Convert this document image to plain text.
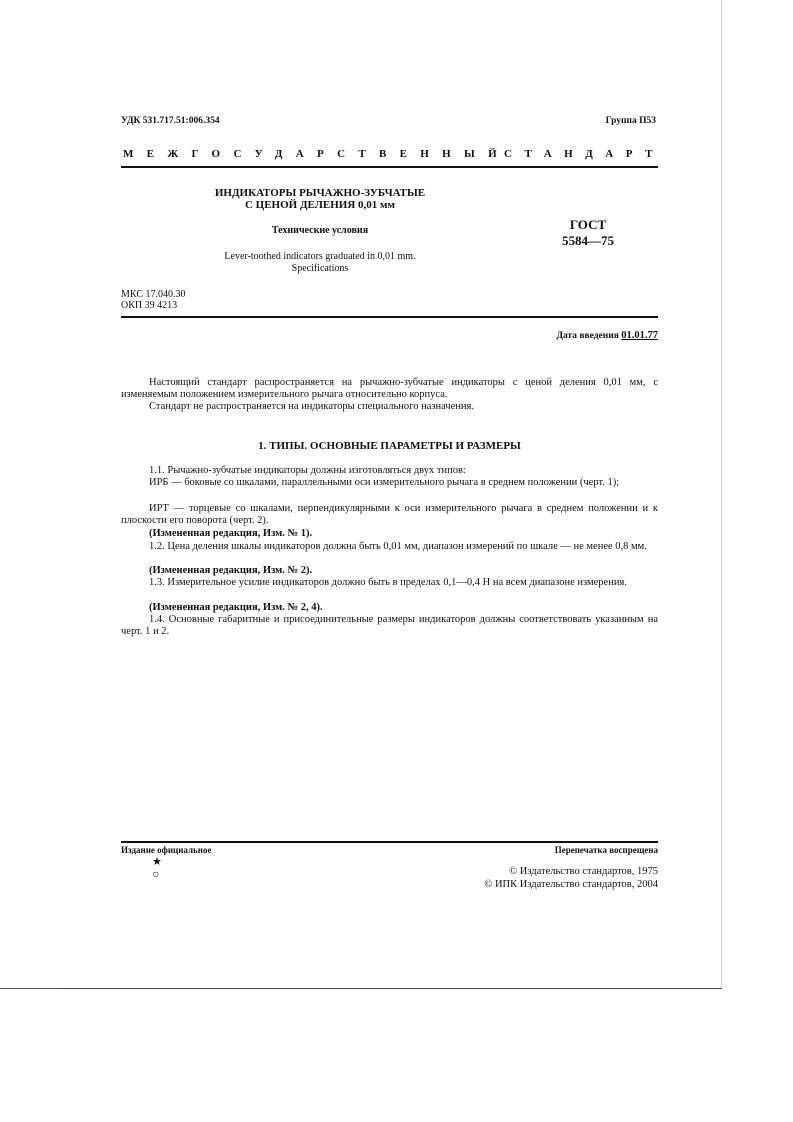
УДК 531.717.51:006.354	Группа П53
МЕЖГОСУДАРСТВЕННЫЙ
СТАНДАРТ
ИНДИКАТОРЫ РЫЧАЖНО-ЗУБЧАТЫЕ
С ЦЕНОЙ ДЕЛЕНИЯ 0,01 мм
Технические условия
Lever-toothed indicators graduated in 0,01 mm.
Specifications
ГОСТ
5584—75
МКС 17.040.30
ОКП 39 4213
Дата введения 01.01.77

Настоящий стандарт распространяется на рычажно-зубчатые индикаторы с ценой деления 0,01 мм, с изменяемым положением измерительного рычага относительно корпуса.

Стандарт не распространяется на индикаторы специального назначения.

1. ТИПЫ. ОСНОВНЫЕ ПАРАМЕТРЫ И РАЗМЕРЫ

1.1. Рычажно-зубчатые индикаторы должны изготовляться двух типов:

ИРБ — боковые со шкалами, параллельными оси измерительного рычага в среднем положении (черт. 1);

ИРТ — торцевые со шкалами, перпендикулярными к оси измерительного рычага в среднем положении и к плоскости его поворота (черт. 2).

(Измененная редакция, Изм. № 1).

1.2. Цена деления шкалы индикаторов должна быть 0,01 мм, диапазон измерений по шкале — не менее 0,8 мм.

(Измененная редакция, Изм. № 2).

1.3. Измерительное усилие индикаторов должно быть в пределах 0,1—0,4 Н на всем диапазоне измерения.

(Измененная редакция, Изм. № 2, 4).

1.4. Основные габаритные и присоединительные размеры индикаторов должны соответствовать указанным на черт. 1 и 2.

Издание официальное	Перепечатка воспрещена
★
○	© Издательство стандартов, 1975
© ИПК Издательство стандартов, 2004
